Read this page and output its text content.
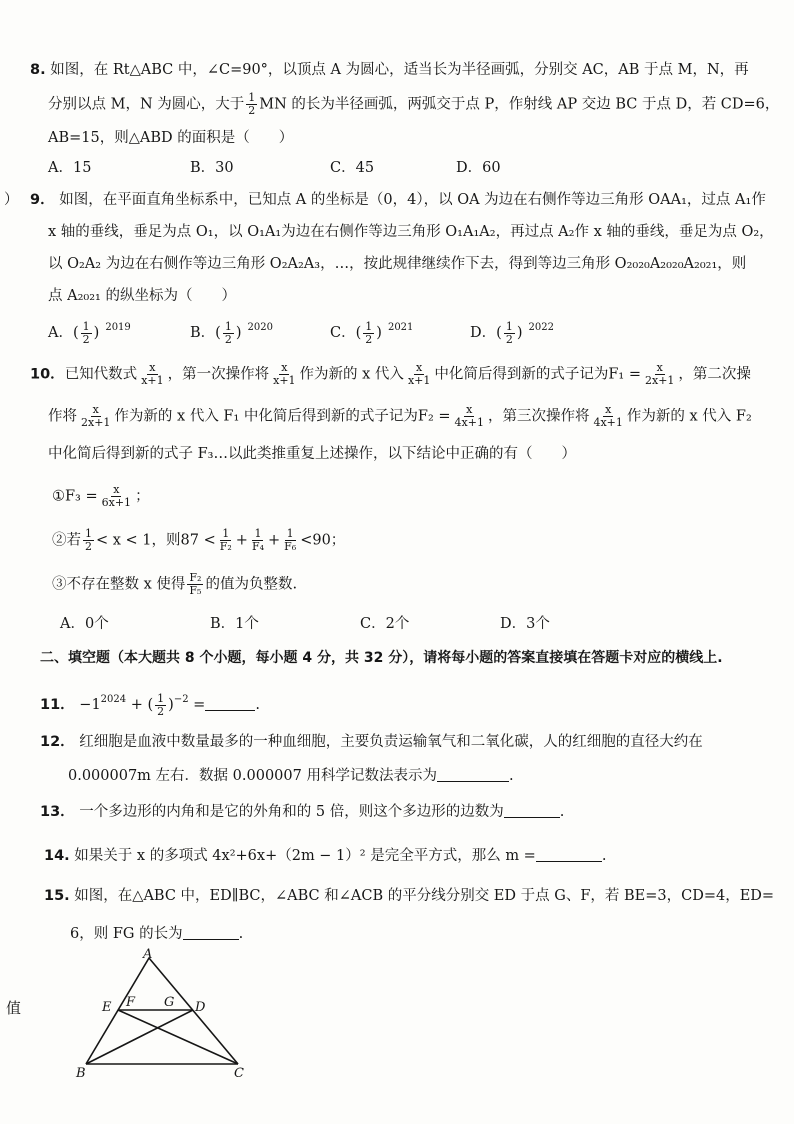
8. 如图，在 Rt△ABC 中，∠C=90°，以顶点 A 为圆心，适当长为半径画弧，分别交 AC，AB 于点 M，N，再
分别以点 M，N 为圆心，大于 $\frac{1}{2}$ MN 的长为半径画弧，两弧交于点 P，作射线 AP 交边 BC 于点 D，若 CD=6，
AB=15，则△ABD 的面积是（　　）
A．15	B．30	C．45	D．60
） 9． 如图，在平面直角坐标系中，已知点 A 的坐标是（0，4），以 OA 为边在右侧作等边三角形 OAA₁，过点 A₁作
x 轴的垂线，垂足为点 O₁，以 O₁A₁为边在右侧作等边三角形 O₁A₁A₂，再过点 A₂作 x 轴的垂线，垂足为点 O₂，
以 O₂A₂ 为边在右侧作等边三角形 O₂A₂A₃，…，按此规律继续作下去，得到等边三角形 O₂₀₂₀A₂₀₂₀A₂₀₂₁，则
点 A₂₀₂₁ 的纵坐标为（　　）
A．( $\frac{1}{2}$ ) $^{2019}$	B．( $\frac{1}{2}$ ) $^{2020}$	C．( $\frac{1}{2}$ ) $^{2021}$	D．( $\frac{1}{2}$ ) $^{2022}$
10．已知代数式 $\frac{x}{x+1}$ ，第一次操作将 $\frac{x}{x+1}$ 作为新的 x 代入 $\frac{x}{x+1}$ 中化简后得到新的式子记为$F_1 = \frac{x}{2x+1}$ ，第二次操
作将 $\frac{x}{2x+1}$ 作为新的 x 代入 F₁ 中化简后得到新的式子记为$F_2 = \frac{x}{4x+1}$ ，第三次操作将 $\frac{x}{4x+1}$ 作为新的 x 代入 F₂
中化简后得到新的式子 F₃…以此类推重复上述操作，以下结论中正确的有（　　）
①F₃ = $\frac{x}{6x+1}$ ；
②若 $\frac{1}{2} < x < 1$，则$87 < \frac{1}{\text{F₂}} + \frac{1}{\text{F₄}} + \frac{1}{\text{F₆}} <90$；
③不存在整数 x 使得 $\frac{\text{F₂}}{\text{F₅}}$ 的值为负整数.
A．0个	B．1个	C．2个	D．3个
二、填空题（本大题共 8 个小题，每小题 4 分，共 32 分），请将每小题的答案直接填在答题卡对应的横线上.
11． $-1^{2024}$ + ( $\frac{1}{2} )^{-2}$ =	.
12． 红细胞是血液中数量最多的一种血细胞，主要负责运输氧气和二氧化碳，人的红细胞的直径大约在
0.000007m 左右．数据 0.000007 用科学记数法表示为	.
13． 一个多边形的内角和是它的外角和的 5 倍，则这个多边形的边数为	.
14. 如果关于 x 的多项式 4x²+6x+（2m − 1）² 是完全平方式，那么 m =	.
15. 如图，在△ABC 中，ED∥BC，∠ABC 和∠ACB 的平分线分别交 ED 于点 G、F，若 BE=3，CD=4，ED=
6，则 FG 的长为	.
值
A
E F G D
B	C
